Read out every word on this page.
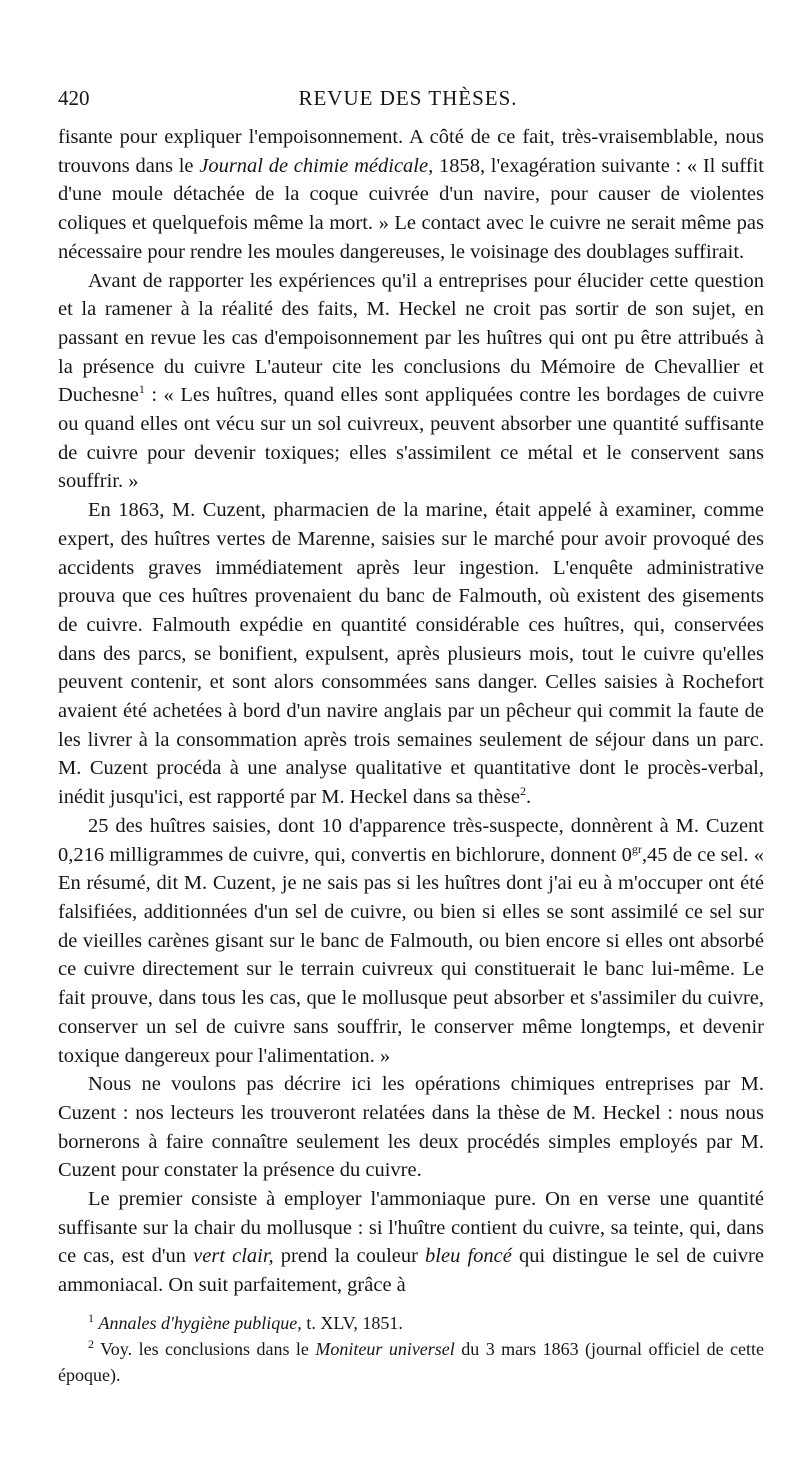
420	REVUE DES THÈSES.

fisante pour expliquer l'empoisonnement. A côté de ce fait, très-vraisemblable, nous trouvons dans le Journal de chimie médicale, 1858, l'exagération suivante : « Il suffit d'une moule détachée de la coque cuivrée d'un navire, pour causer de violentes coliques et quelquefois même la mort. » Le contact avec le cuivre ne serait même pas nécessaire pour rendre les moules dangereuses, le voisinage des doublages suffirait.

Avant de rapporter les expériences qu'il a entreprises pour élucider cette question et la ramener à la réalité des faits, M. Heckel ne croit pas sortir de son sujet, en passant en revue les cas d'empoisonnement par les huîtres qui ont pu être attribués à la présence du cuivre L'auteur cite les conclusions du Mémoire de Chevallier et Duchesne$^1$ : « Les huîtres, quand elles sont appliquées contre les bordages de cuivre ou quand elles ont vécu sur un sol cuivreux, peuvent absorber une quantité suffisante de cuivre pour devenir toxiques; elles s'assimilent ce métal et le conservent sans souffrir. »

En 1863, M. Cuzent, pharmacien de la marine, était appelé à examiner, comme expert, des huîtres vertes de Marenne, saisies sur le marché pour avoir provoqué des accidents graves immédiatement après leur ingestion. L'enquête administrative prouva que ces huîtres provenaient du banc de Falmouth, où existent des gisements de cuivre. Falmouth expédie en quantité considérable ces huîtres, qui, conservées dans des parcs, se bonifient, expulsent, après plusieurs mois, tout le cuivre qu'elles peuvent contenir, et sont alors consommées sans danger. Celles saisies à Rochefort avaient été achetées à bord d'un navire anglais par un pêcheur qui commit la faute de les livrer à la consommation après trois semaines seulement de séjour dans un parc. M. Cuzent procéda à une analyse qualitative et quantitative dont le procès-verbal, inédit jusqu'ici, est rapporté par M. Heckel dans sa thèse$^2$.

25 des huîtres saisies, dont 10 d'apparence très-suspecte, donnèrent à M. Cuzent 0,216 milligrammes de cuivre, qui, convertis en bichlorure, donnent $0^{gr},45$ de ce sel. « En résumé, dit M. Cuzent, je ne sais pas si les huîtres dont j'ai eu à m'occuper ont été falsifiées, additionnées d'un sel de cuivre, ou bien si elles se sont assimilé ce sel sur de vieilles carènes gisant sur le banc de Falmouth, ou bien encore si elles ont absorbé ce cuivre directement sur le terrain cuivreux qui constituerait le banc lui-même. Le fait prouve, dans tous les cas, que le mollusque peut absorber et s'assimiler du cuivre, conserver un sel de cuivre sans souffrir, le conserver même longtemps, et devenir toxique dangereux pour l'alimentation. »

Nous ne voulons pas décrire ici les opérations chimiques entreprises par M. Cuzent : nos lecteurs les trouveront relatées dans la thèse de M. Heckel : nous nous bornerons à faire connaître seulement les deux procédés simples employés par M. Cuzent pour constater la présence du cuivre.

Le premier consiste à employer l'ammoniaque pure. On en verse une quantité suffisante sur la chair du mollusque : si l'huître contient du cuivre, sa teinte, qui, dans ce cas, est d'un vert clair, prend la couleur bleu foncé qui distingue le sel de cuivre ammoniacal. On suit parfaitement, grâce à

$^1$ Annales d'hygiène publique, t. XLV, 1851.

$^2$ Voy. les conclusions dans le Moniteur universel du 3 mars 1863 (journal officiel de cette époque).
